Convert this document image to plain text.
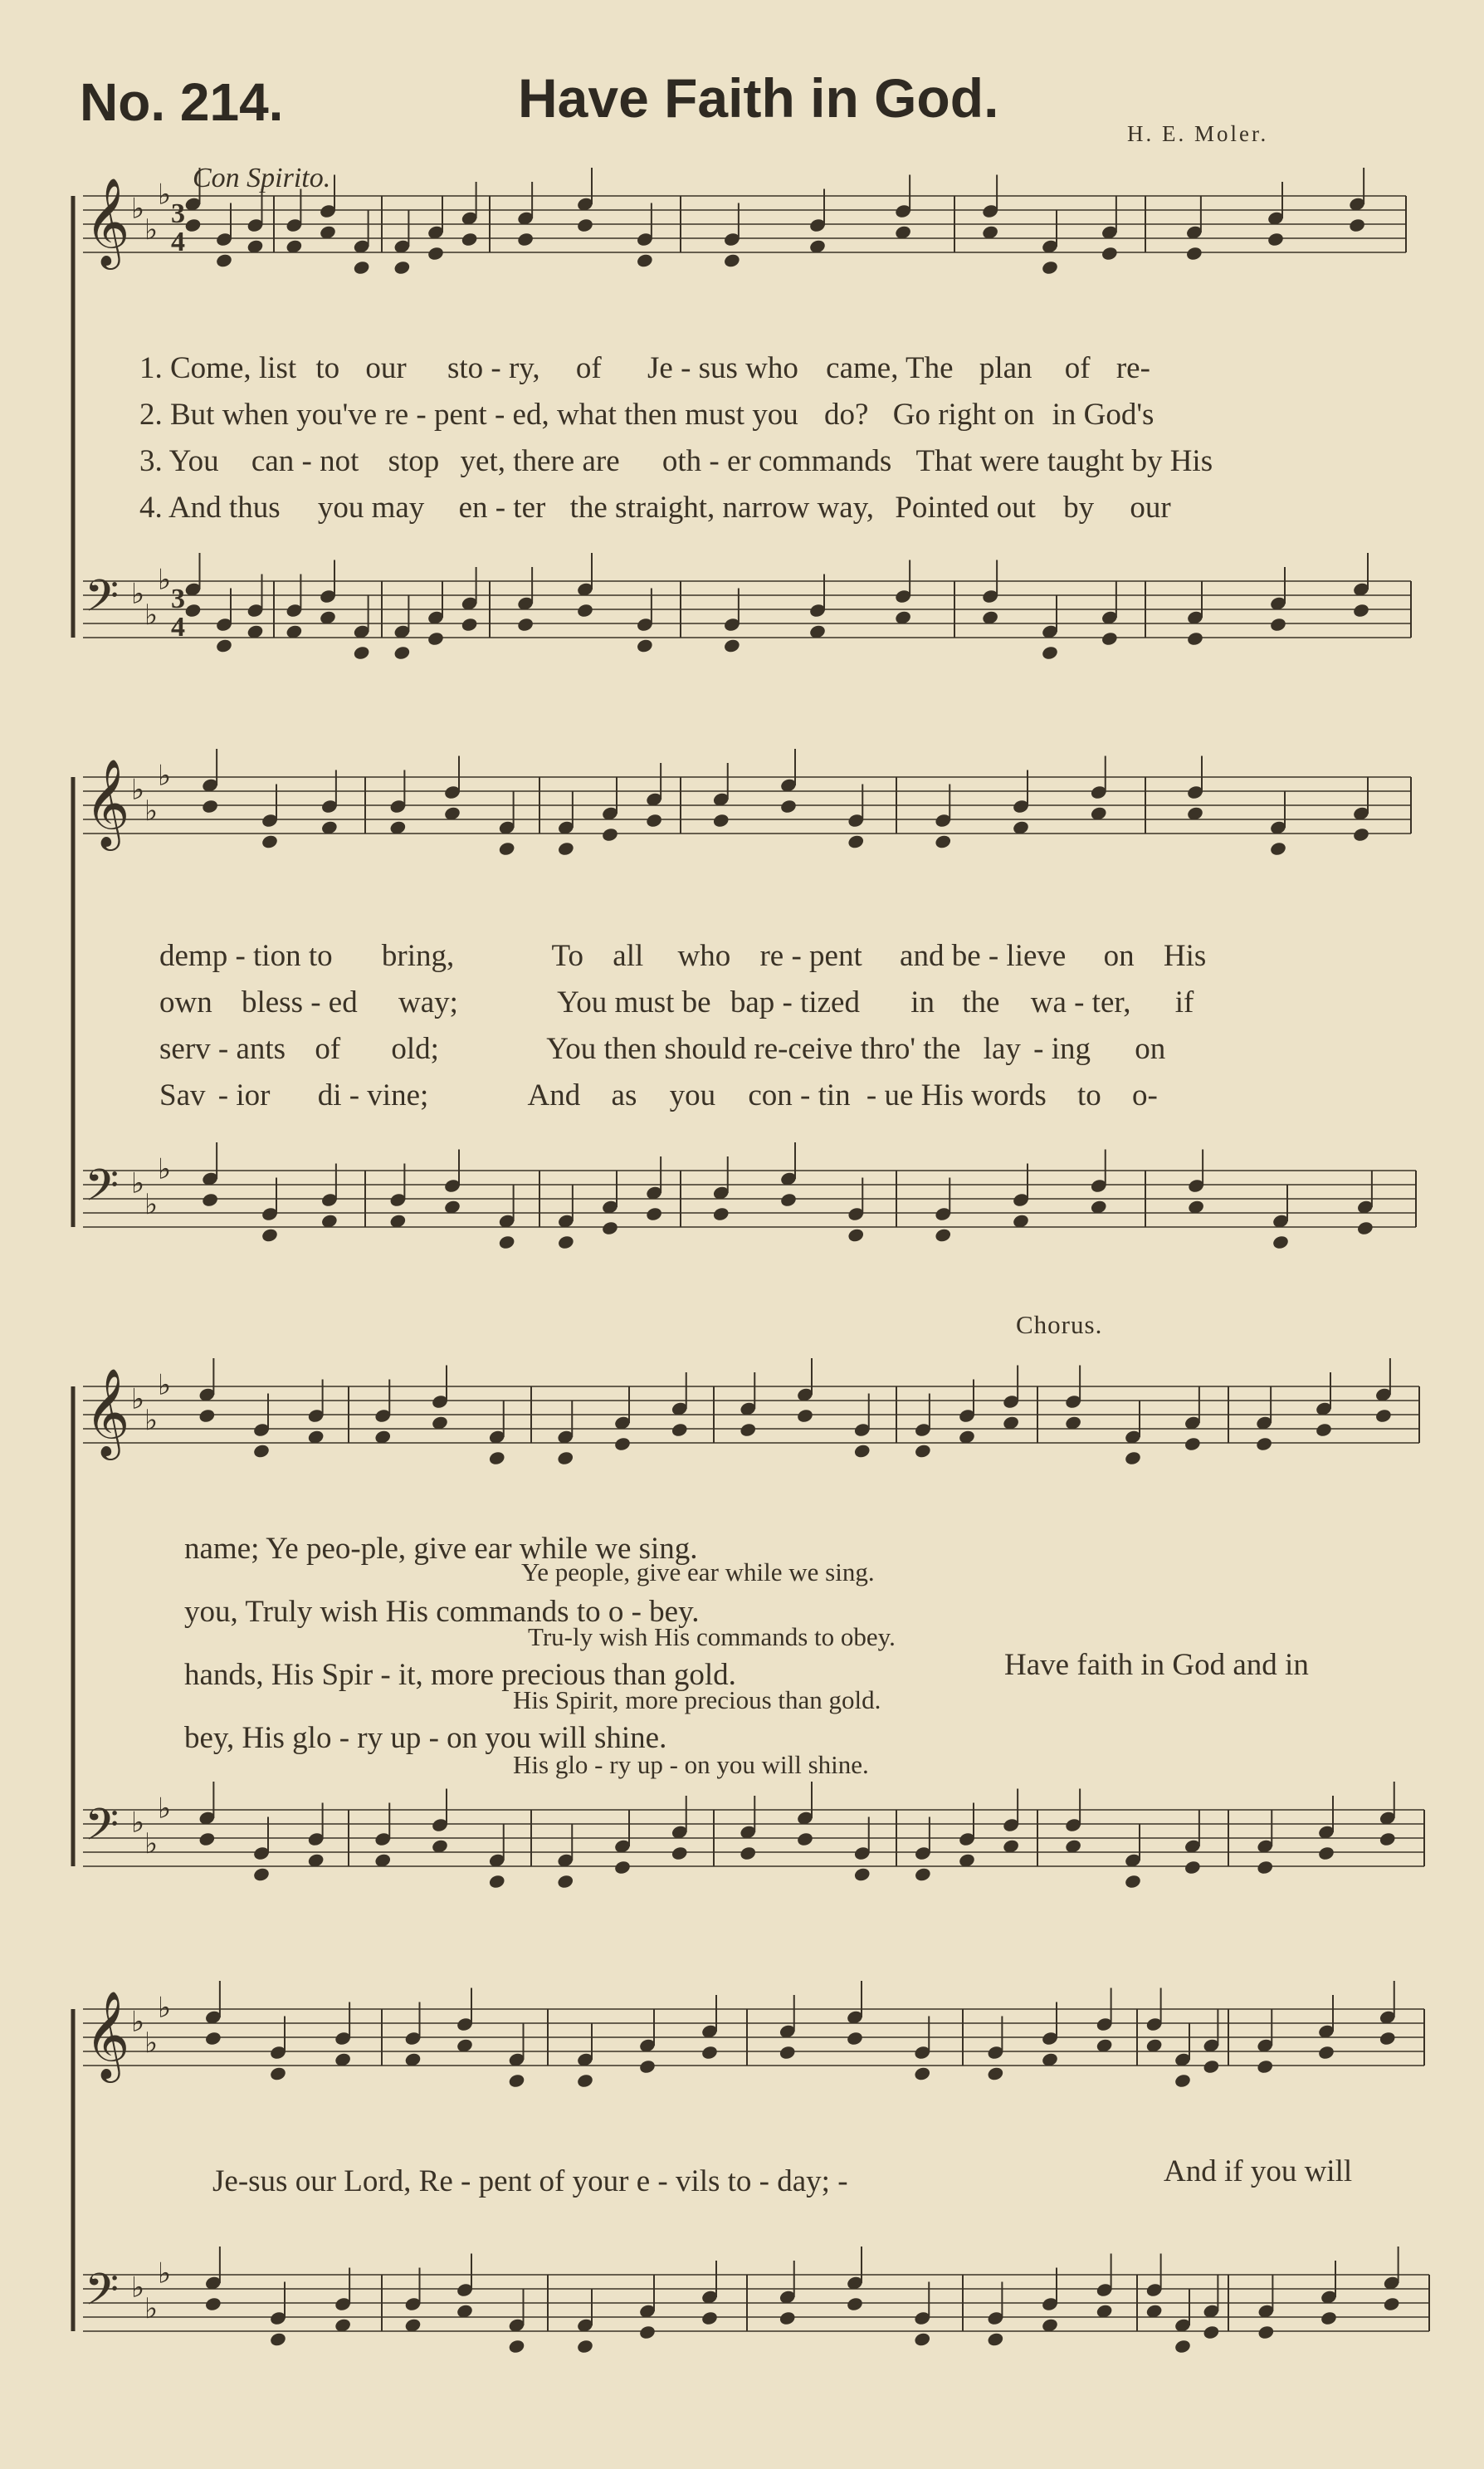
No. 214.	Have Faith in God.
H. E. Moler.
Con Spirito.
Chorus.
𝄞 ♭
♭
♭
𝄢 ♭
♭
♭
𝄞 ♭
♭
♭
𝄢 ♭
♭
♭
𝄞 ♭
♭
♭
𝄢 ♭
♭
♭
𝄞 ♭
♭
♭
𝄢 ♭
♭
♭
3
4
3
4
1. Come, list to our sto - ry, of Je - sus who came, The plan of re-
2. But when you've re - pent - ed, what then must you do? Go right on in God's
3. You can - not stop yet, there are oth - er commands That were taught by His
4. And thus you may en - ter the straight, narrow way, Pointed out by our
demp - tion to bring,	To all who re - pent and be - lieve on His
own bless - ed way;	You must be bap - tized in the wa - ter, if
serv - ants of old;	You then should re-ceive thro' the lay - ing on
Sav - ior di - vine;	And as you con - tin - ue His words to o-
name; Ye peo-ple, give ear while we sing.
Ye people, give ear while we sing.
you, Truly wish His commands to o - bey.
Tru-ly wish His commands to obey.
hands, His Spir - it, more precious than gold.	Have faith in God and in
His Spirit, more precious than gold.
bey, His glo - ry up - on you will shine.
His glo - ry up - on you will shine.
Je-sus our Lord, Re - pent of your e - vils to - day; -	And if you will
